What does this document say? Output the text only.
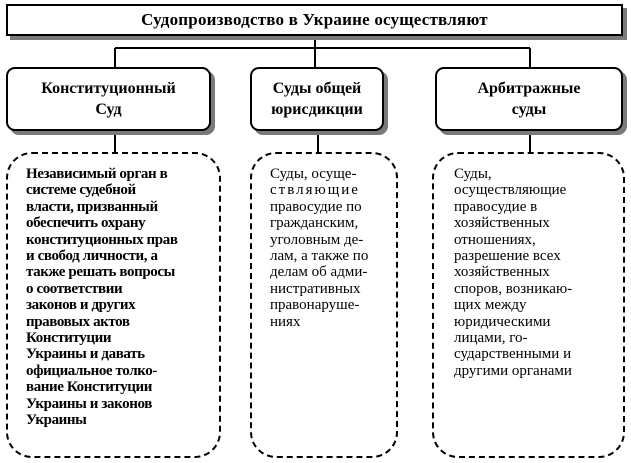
Судопроизводство в Украине осуществляют
Конституционный
Суд
Суды общей
юрисдикции
Арбитражные
суды
Независимый орган в
системе судебной
власти, призванный
обеспечить охрану
конституционных прав
и свобод личности, а
также решать вопросы
о соответствии
законов и других
правовых актов
Конституции
Украины и давать
официальное толко-
вание Конституции
Украины и законов
Украины
Суды, осуще-
ствляющие
правосудие по
гражданским,
уголовным де-
лам, а также по
делам об адми-
нистративных
правонаруше-
ниях
Суды,
осуществляющие
правосудие в
хозяйственных
отношениях,
разрешение всех
хозяйственных
споров, возникаю-
щих между
юридическими
лицами, го-
сударственными и
другими органами
